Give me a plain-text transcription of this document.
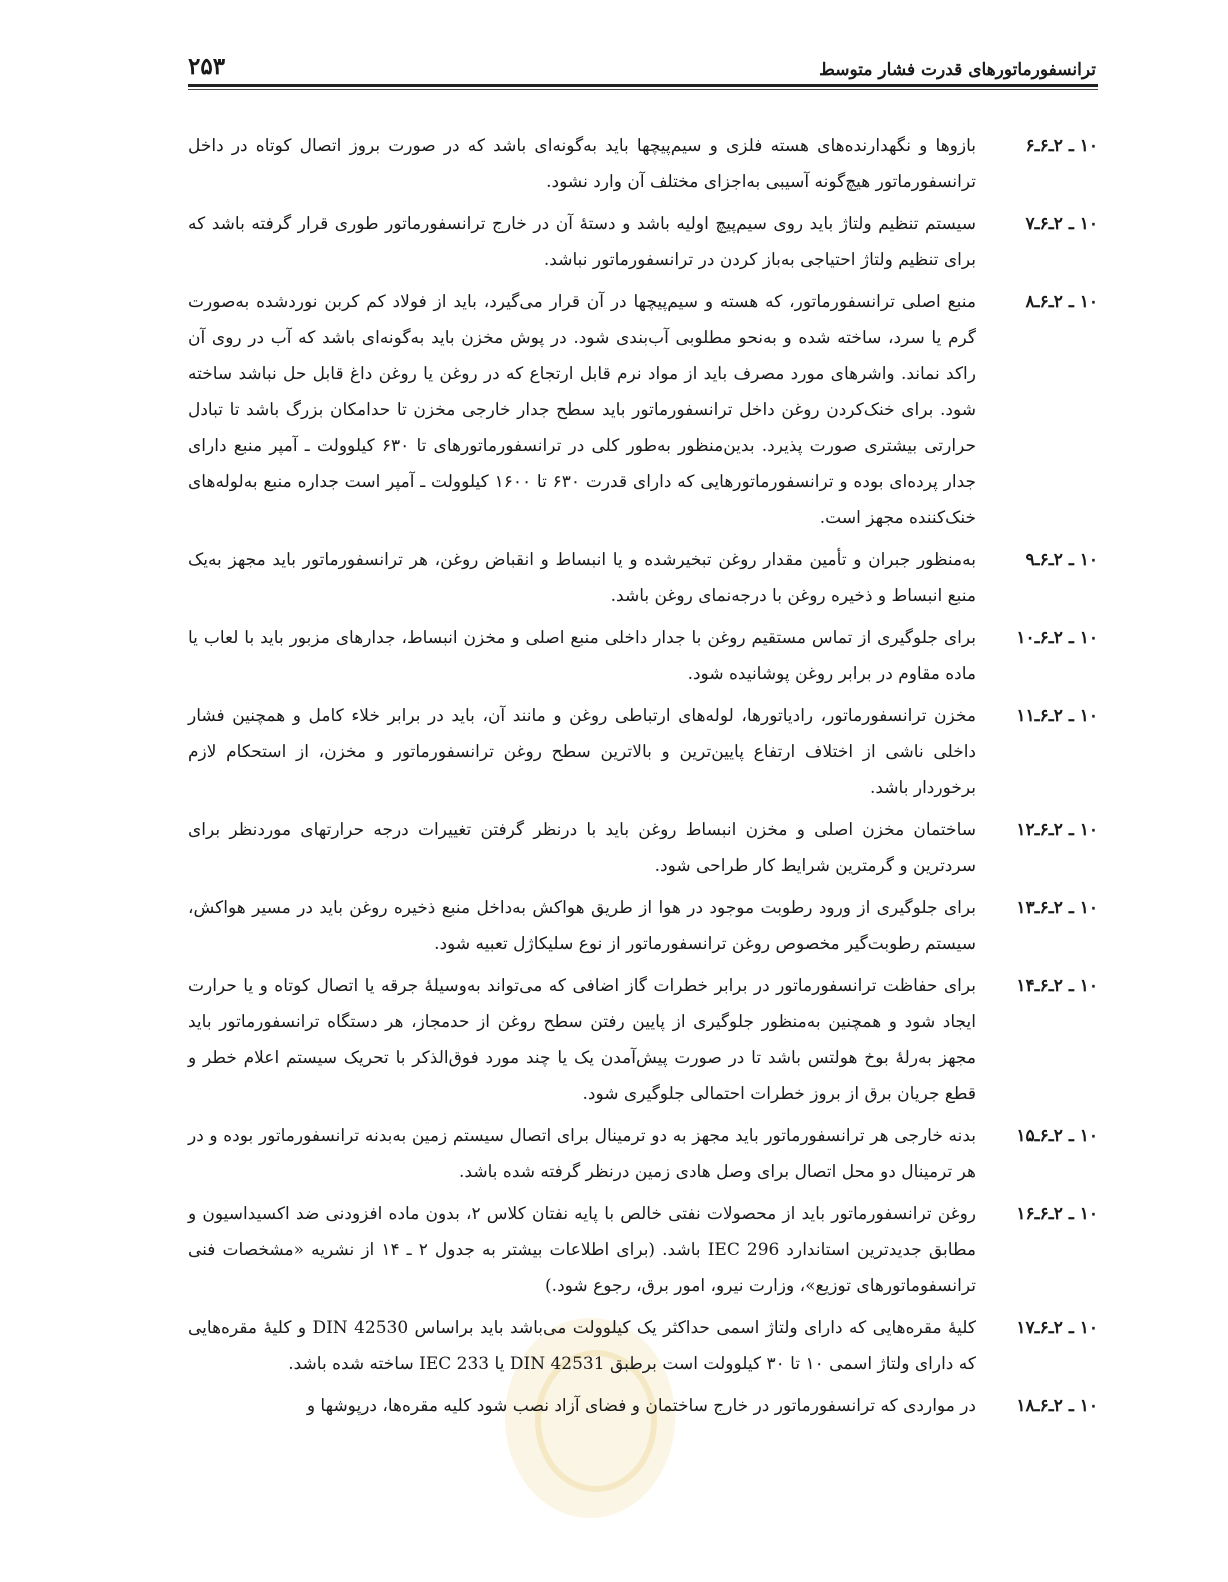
ترانسفورماتورهای قدرت فشار متوسط
۲۵۳
۱۰ ـ ۲ـ۶ـ۶
بازوها و نگهدارنده‌های هسته فلزی و سیم‌پیچها باید به‌گونه‌ای باشد که در صورت بروز اتصال کوتاه در داخل ترانسفورماتور هیچ‌گونه آسیبی به‌اجزای مختلف آن وارد نشود.
۱۰ ـ ۲ـ۶ـ۷
سیستم تنظیم ولتاژ باید روی سیم‌پیچ اولیه باشد و دستهٔ آن در خارج ترانسفورماتور طوری قرار گرفته باشد که برای تنظیم ولتاژ احتیاجی به‌باز کردن در ترانسفورماتور نباشد.
۱۰ ـ ۲ـ۶ـ۸
منبع اصلی ترانسفورماتور، که هسته و سیم‌پیچها در آن قرار می‌گیرد، باید از فولاد کم کربن نوردشده به‌صورت گرم یا سرد، ساخته شده و به‌نحو مطلوبی آب‌بندی شود. در پوش مخزن باید به‌گونه‌ای باشد که آب در روی آن راکد نماند. واشرهای مورد مصرف باید از مواد نرم قابل ارتجاع که در روغن یا روغن داغ قابل حل نباشد ساخته شود. برای خنک‌کردن روغن داخل ترانسفورماتور باید سطح جدار خارجی مخزن تا حدامکان بزرگ باشد تا تبادل حرارتی بیشتری صورت پذیرد. بدین‌منظور به‌طور کلی در ترانسفورماتورهای تا ۶۳۰ کیلوولت ـ آمپر منبع دارای جدار پرده‌ای بوده و ترانسفورماتورهایی که دارای قدرت ۶۳۰ تا ۱۶۰۰ کیلوولت ـ آمپر است جداره منبع به‌لوله‌های خنک‌کننده مجهز است.
۱۰ ـ ۲ـ۶ـ۹
به‌منظور جبران و تأمین مقدار روغن تبخیرشده و یا انبساط و انقباض روغن، هر ترانسفورماتور باید مجهز به‌یک منبع انبساط و ذخیره روغن با درجه‌نمای روغن باشد.
۱۰ ـ ۲ـ۶ـ۱۰
برای جلوگیری از تماس مستقیم روغن با جدار داخلی منبع اصلی و مخزن انبساط، جدارهای مزبور باید با لعاب یا ماده مقاوم در برابر روغن پوشانیده شود.
۱۰ ـ ۲ـ۶ـ۱۱
مخزن ترانسفورماتور، رادیاتورها، لوله‌های ارتباطی روغن و مانند آن، باید در برابر خلاء کامل و همچنین فشار داخلی ناشی از اختلاف ارتفاع پایین‌ترین و بالاترین سطح روغن ترانسفورماتور و مخزن، از استحکام لازم برخوردار باشد.
۱۰ ـ ۲ـ۶ـ۱۲
ساختمان مخزن اصلی و مخزن انبساط روغن باید با درنظر گرفتن تغییرات درجه حرارتهای موردنظر برای سردترین و گرمترین شرایط کار طراحی شود.
۱۰ ـ ۲ـ۶ـ۱۳
برای جلوگیری از ورود رطوبت موجود در هوا از طریق هواکش به‌داخل منبع ذخیره روغن باید در مسیر هواکش، سیستم رطوبت‌گیر مخصوص روغن ترانسفورماتور از نوع سلیکاژل تعبیه شود.
۱۰ ـ ۲ـ۶ـ۱۴
برای حفاظت ترانسفورماتور در برابر خطرات گاز اضافی که می‌تواند به‌وسیلهٔ جرقه یا اتصال کوتاه و یا حرارت ایجاد شود و همچنین به‌منظور جلوگیری از پایین رفتن سطح روغن از حدمجاز، هر دستگاه ترانسفورماتور باید مجهز به‌رلهٔ بوخ هولتس باشد تا در صورت پیش‌آمدن یک یا چند مورد فوق‌الذکر با تحریک سیستم اعلام خطر و قطع جریان برق از بروز خطرات احتمالی جلوگیری شود.
۱۰ ـ ۲ـ۶ـ۱۵
بدنه خارجی هر ترانسفورماتور باید مجهز به دو ترمینال برای اتصال سیستم زمین به‌بدنه ترانسفورماتور بوده و در هر ترمینال دو محل اتصال برای وصل هادی زمین درنظر گرفته شده باشد.
۱۰ ـ ۲ـ۶ـ۱۶
روغن ترانسفورماتور باید از محصولات نفتی خالص با پایه نفتان کلاس ۲، بدون ماده افزودنی ضد اکسیداسیون و مطابق جدیدترین استاندارد IEC 296 باشد. (برای اطلاعات بیشتر به جدول ۲ ـ ۱۴ از نشریه «مشخصات فنی ترانسفوماتورهای توزیع»، وزارت نیرو، امور برق، رجوع شود.)
۱۰ ـ ۲ـ۶ـ۱۷
کلیهٔ مقره‌هایی که دارای ولتاژ اسمی حداکثر یک کیلوولت می‌باشد باید براساس DIN 42530 و کلیهٔ مقره‌هایی که دارای ولتاژ اسمی ۱۰ تا ۳۰ کیلوولت است برطبق DIN 42531 یا IEC 233 ساخته شده باشد.
۱۰ ـ ۲ـ۶ـ۱۸
در مواردی که ترانسفورماتور در خارج ساختمان و فضای آزاد نصب شود کلیه مقره‌ها، درپوشها و
